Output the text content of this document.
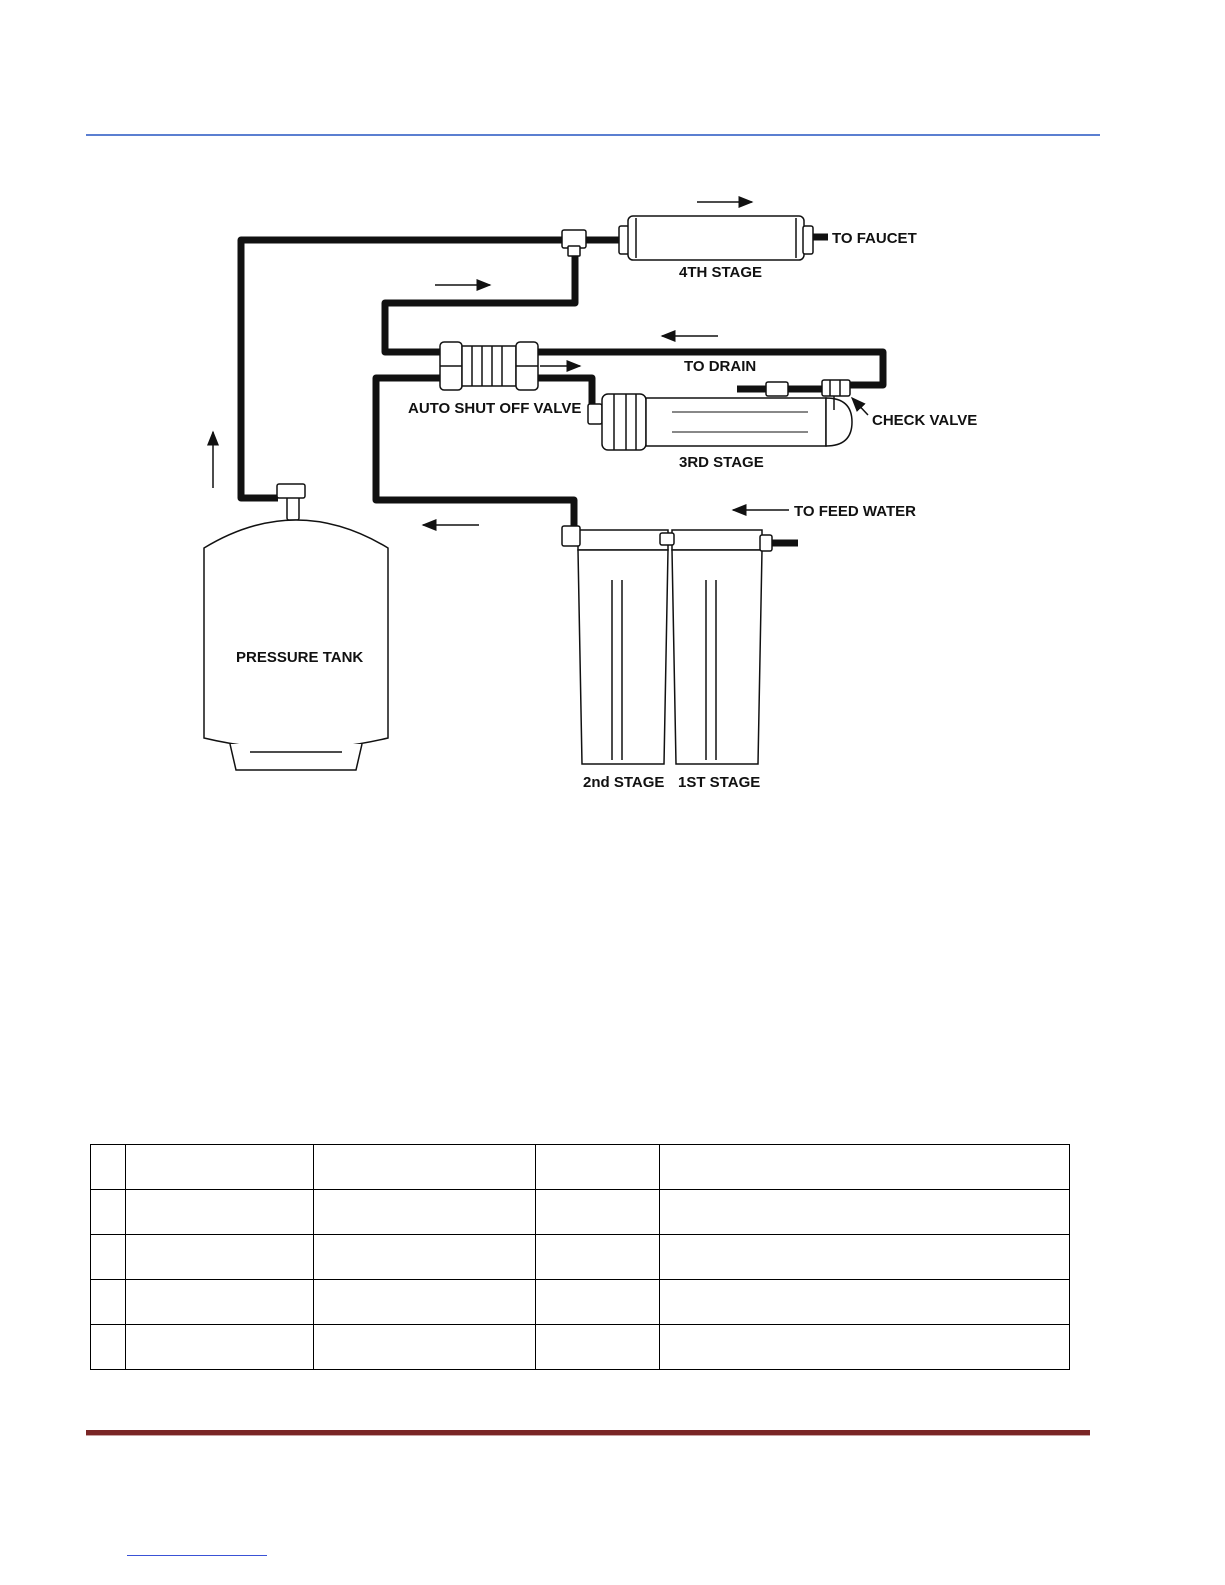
TO FAUCET
4TH STAGE
TO DRAIN
AUTO SHUT OFF VALVE
CHECK VALVE
3RD STAGE
TO FEED WATER
PRESSURE TANK
2nd STAGE 1ST STAGE
